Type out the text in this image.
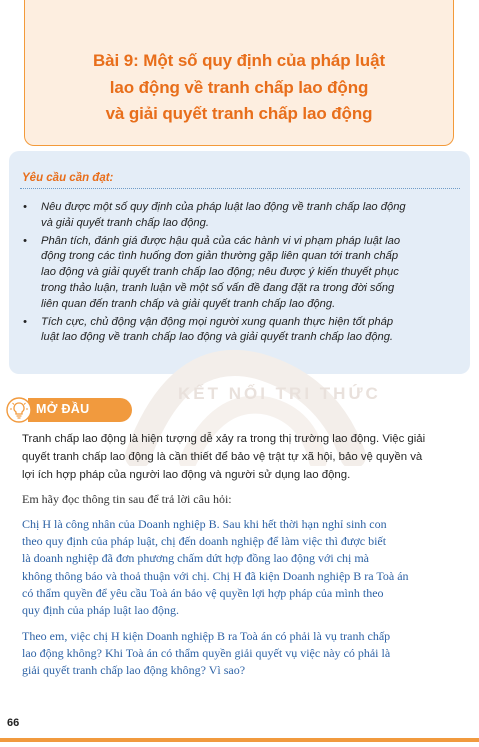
Bài 9: Một số quy định của pháp luật
lao động về tranh chấp lao động
và giải quyết tranh chấp lao động
Yêu cầu cần đạt:
• Nêu được một số quy định của pháp luật lao động về tranh chấp lao động
và giải quyết tranh chấp lao động.
• Phân tích, đánh giá được hậu quả của các hành vi vi phạm pháp luật lao
động trong các tình huống đơn giản thường gặp liên quan tới tranh chấp
lao động và giải quyết tranh chấp lao động; nêu được ý kiến thuyết phục
trong thảo luận, tranh luận về một số vấn đề đang đặt ra trong đời sống
liên quan đến tranh chấp và giải quyết tranh chấp lao động.
• Tích cực, chủ động vận động mọi người xung quanh thực hiện tốt pháp
luật lao động về tranh chấp lao động và giải quyết tranh chấp lao động.
KẾT NỐI TRI THỨC
MỞ ĐẦU
Tranh chấp lao động là hiện tượng dễ xảy ra trong thị trường lao động. Việc giải
quyết tranh chấp lao động là cần thiết để bảo vệ trật tự xã hội, bảo vệ quyền và
lợi ích hợp pháp của người lao động và người sử dụng lao động.
Em hãy đọc thông tin sau để trả lời câu hỏi:
Chị H là công nhân của Doanh nghiệp B. Sau khi hết thời hạn nghỉ sinh con
theo quy định của pháp luật, chị đến doanh nghiệp để làm việc thì được biết
là doanh nghiệp đã đơn phương chấm dứt hợp đồng lao động với chị mà
không thông báo và thoả thuận với chị. Chị H đã kiện Doanh nghiệp B ra Toà án
có thẩm quyền để yêu cầu Toà án bảo vệ quyền lợi hợp pháp của mình theo
quy định của pháp luật lao động.
Theo em, việc chị H kiện Doanh nghiệp B ra Toà án có phải là vụ tranh chấp
lao động không? Khi Toà án có thẩm quyền giải quyết vụ việc này có phải là
giải quyết tranh chấp lao động không? Vì sao?
66
